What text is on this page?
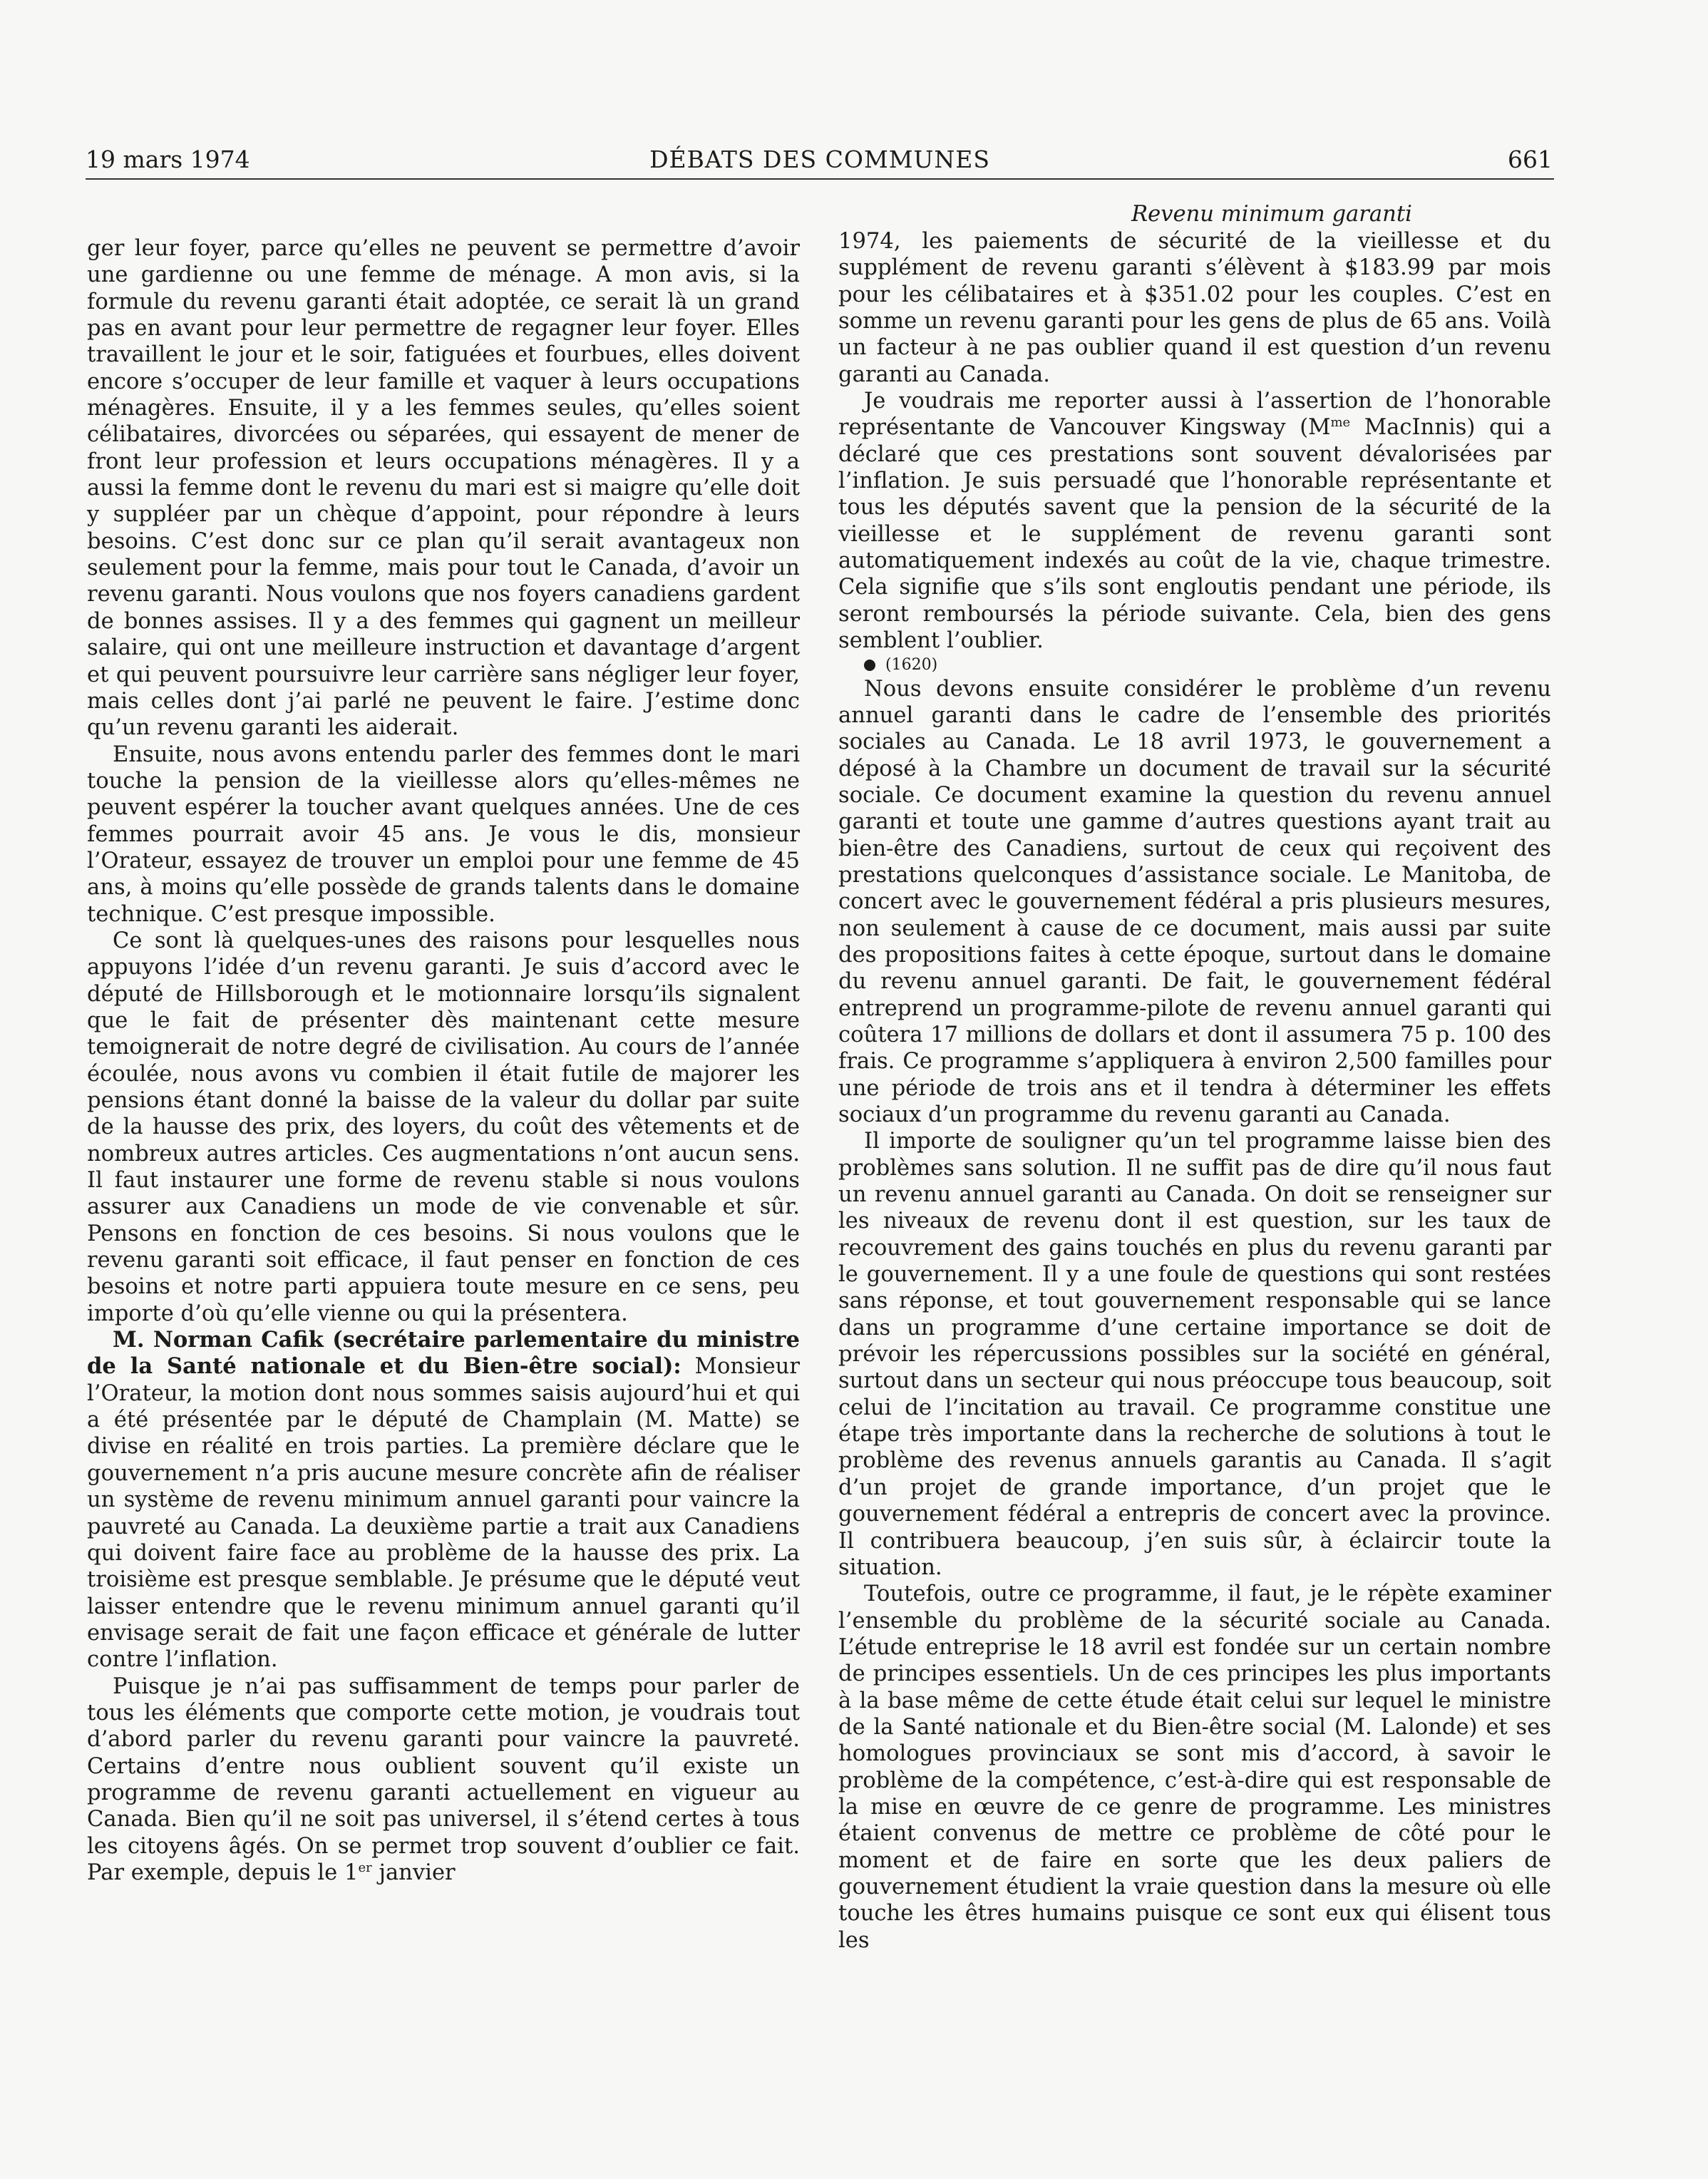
19 mars 1974	DÉBATS DES COMMUNES	661

ger leur foyer, parce qu’elles ne peuvent se permettre d’avoir une gardienne ou une femme de ménage. A mon avis, si la formule du revenu garanti était adoptée, ce serait là un grand pas en avant pour leur permettre de regagner leur foyer. Elles travaillent le jour et le soir, fatiguées et fourbues, elles doivent encore s’occuper de leur famille et vaquer à leurs occupations ménagères. Ensuite, il y a les femmes seules, qu’elles soient célibataires, divorcées ou séparées, qui essayent de mener de front leur profession et leurs occupations ménagères. Il y a aussi la femme dont le revenu du mari est si maigre qu’elle doit y suppléer par un chèque d’appoint, pour répondre à leurs besoins. C’est donc sur ce plan qu’il serait avantageux non seulement pour la femme, mais pour tout le Canada, d’avoir un revenu garanti. Nous voulons que nos foyers canadiens gardent de bonnes assises. Il y a des femmes qui gagnent un meilleur salaire, qui ont une meilleure instruction et davantage d’argent et qui peuvent poursuivre leur carrière sans négliger leur foyer, mais celles dont j’ai parlé ne peuvent le faire. J’estime donc qu’un revenu garanti les aiderait.

Ensuite, nous avons entendu parler des femmes dont le mari touche la pension de la vieillesse alors qu’elles-mêmes ne peuvent espérer la toucher avant quelques années. Une de ces femmes pourrait avoir 45 ans. Je vous le dis, monsieur l’Orateur, essayez de trouver un emploi pour une femme de 45 ans, à moins qu’elle possède de grands talents dans le domaine technique. C’est presque impossible.

Ce sont là quelques-unes des raisons pour lesquelles nous appuyons l’idée d’un revenu garanti. Je suis d’accord avec le député de Hillsborough et le motionnaire lorsqu’ils signalent que le fait de présenter dès maintenant cette mesure temoignerait de notre degré de civilisation. Au cours de l’année écoulée, nous avons vu combien il était futile de majorer les pensions étant donné la baisse de la valeur du dollar par suite de la hausse des prix, des loyers, du coût des vêtements et de nombreux autres articles. Ces augmentations n’ont aucun sens. Il faut instaurer une forme de revenu stable si nous voulons assurer aux Canadiens un mode de vie convenable et sûr. Pensons en fonction de ces besoins. Si nous voulons que le revenu garanti soit efficace, il faut penser en fonction de ces besoins et notre parti appuiera toute mesure en ce sens, peu importe d’où qu’elle vienne ou qui la présentera.

M. Norman Cafik (secrétaire parlementaire du ministre de la Santé nationale et du Bien-être social): Monsieur l’Orateur, la motion dont nous sommes saisis aujourd’hui et qui a été présentée par le député de Champlain (M. Matte) se divise en réalité en trois parties. La première déclare que le gouvernement n’a pris aucune mesure concrète afin de réaliser un système de revenu minimum annuel garanti pour vaincre la pauvreté au Canada. La deuxième partie a trait aux Canadiens qui doivent faire face au problème de la hausse des prix. La troisième est presque semblable. Je présume que le député veut laisser entendre que le revenu minimum annuel garanti qu’il envisage serait de fait une façon efficace et générale de lutter contre l’inflation.

Puisque je n’ai pas suffisamment de temps pour parler de tous les éléments que comporte cette motion, je voudrais tout d’abord parler du revenu garanti pour vaincre la pauvreté. Certains d’entre nous oublient souvent qu’il existe un programme de revenu garanti actuellement en vigueur au Canada. Bien qu’il ne soit pas universel, il s’étend certes à tous les citoyens âgés. On se permet trop souvent d’oublier ce fait. Par exemple, depuis le 1er janvier

Revenu minimum garanti

1974, les paiements de sécurité de la vieillesse et du supplément de revenu garanti s’élèvent à $183.99 par mois pour les célibataires et à $351.02 pour les couples. C’est en somme un revenu garanti pour les gens de plus de 65 ans. Voilà un facteur à ne pas oublier quand il est question d’un revenu garanti au Canada.

Je voudrais me reporter aussi à l’assertion de l’honorable représentante de Vancouver Kingsway ($M^{me}$ MacInnis) qui a déclaré que ces prestations sont souvent dévalorisées par l’inflation. Je suis persuadé que l’honorable représentante et tous les députés savent que la pension de la sécurité de la vieillesse et le supplément de revenu garanti sont automatiquement indexés au coût de la vie, chaque trimestre. Cela signifie que s’ils sont engloutis pendant une période, ils seront remboursés la période suivante. Cela, bien des gens semblent l’oublier.

(1620)

Nous devons ensuite considérer le problème d’un revenu annuel garanti dans le cadre de l’ensemble des priorités sociales au Canada. Le 18 avril 1973, le gouvernement a déposé à la Chambre un document de travail sur la sécurité sociale. Ce document examine la question du revenu annuel garanti et toute une gamme d’autres questions ayant trait au bien-être des Canadiens, surtout de ceux qui reçoivent des prestations quelconques d’assistance sociale. Le Manitoba, de concert avec le gouvernement fédéral a pris plusieurs mesures, non seulement à cause de ce document, mais aussi par suite des propositions faites à cette époque, surtout dans le domaine du revenu annuel garanti. De fait, le gouvernement fédéral entreprend un programme-pilote de revenu annuel garanti qui coûtera 17 millions de dollars et dont il assumera 75 p. 100 des frais. Ce programme s’appliquera à environ 2,500 familles pour une période de trois ans et il tendra à déterminer les effets sociaux d’un programme du revenu garanti au Canada.

Il importe de souligner qu’un tel programme laisse bien des problèmes sans solution. Il ne suffit pas de dire qu’il nous faut un revenu annuel garanti au Canada. On doit se renseigner sur les niveaux de revenu dont il est question, sur les taux de recouvrement des gains touchés en plus du revenu garanti par le gouvernement. Il y a une foule de questions qui sont restées sans réponse, et tout gouvernement responsable qui se lance dans un programme d’une certaine importance se doit de prévoir les répercussions possibles sur la société en général, surtout dans un secteur qui nous préoccupe tous beaucoup, soit celui de l’incitation au travail. Ce programme constitue une étape très importante dans la recherche de solutions à tout le problème des revenus annuels garantis au Canada. Il s’agit d’un projet de grande importance, d’un projet que le gouvernement fédéral a entrepris de concert avec la province. Il contribuera beaucoup, j’en suis sûr, à éclaircir toute la situation.

Toutefois, outre ce programme, il faut, je le répète examiner l’ensemble du problème de la sécurité sociale au Canada. L’étude entreprise le 18 avril est fondée sur un certain nombre de principes essentiels. Un de ces principes les plus importants à la base même de cette étude était celui sur lequel le ministre de la Santé nationale et du Bien-être social (M. Lalonde) et ses homologues provinciaux se sont mis d’accord, à savoir le problème de la compétence, c’est-à-dire qui est responsable de la mise en œuvre de ce genre de programme. Les ministres étaient convenus de mettre ce problème de côté pour le moment et de faire en sorte que les deux paliers de gouvernement étudient la vraie question dans la mesure où elle touche les êtres humains puisque ce sont eux qui élisent tous les
